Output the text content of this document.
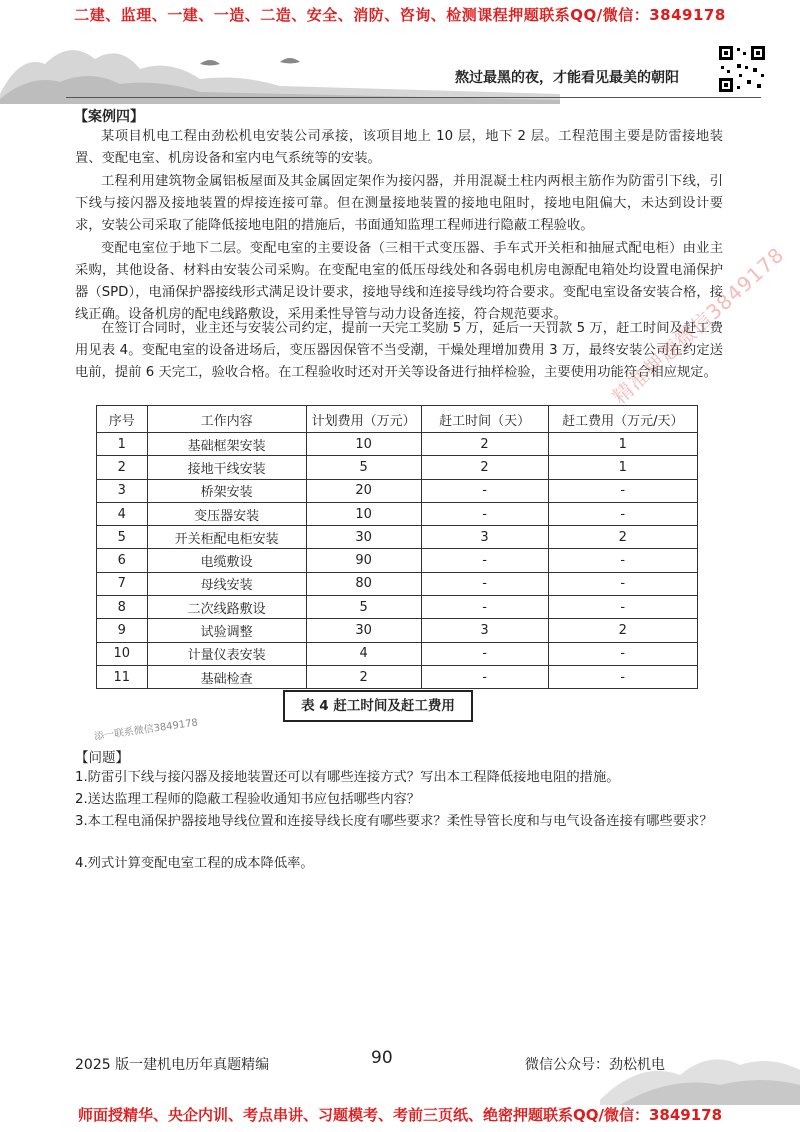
二建、监理、一建、一造、二造、安全、消防、咨询、检测课程押题联系QQ/微信：3849178
熬过最黑的夜，才能看见最美的朝阳
【案例四】

某项目机电工程由劲松机电安装公司承接，该项目地上 10 层，地下 2 层。工程范围主要是防雷接地装置、变配电室、机房设备和室内电气系统等的安装。

工程利用建筑物金属铝板屋面及其金属固定架作为接闪器，并用混凝土柱内两根主筋作为防雷引下线，引下线与接闪器及接地装置的焊接连接可靠。但在测量接地装置的接地电阻时，接地电阻偏大，未达到设计要求，安装公司采取了能降低接地电阻的措施后，书面通知监理工程师进行隐蔽工程验收。

变配电室位于地下二层。变配电室的主要设备（三相干式变压器、手车式开关柜和抽屉式配电柜）由业主采购，其他设备、材料由安装公司采购。在变配电室的低压母线处和各弱电机房电源配电箱处均设置电涌保护器（SPD），电涌保护器接线形式满足设计要求，接地导线和连接导线均符合要求。变配电室设备安装合格，接线正确。设备机房的配电线路敷设，采用柔性导管与动力设备连接，符合规范要求。

在签订合同时，业主还与安装公司约定，提前一天完工奖励 5 万，延后一天罚款 5 万，赶工时间及赶工费用见表 4。变配电室的设备进场后，变压器因保管不当受潮，干燥处理增加费用 3 万，最终安装公司在约定送电前，提前 6 天完工，验收合格。在工程验收时还对开关等设备进行抽样检验，主要使用功能符合相应规定。

精准押题微信3849178
序号	工作内容	计划费用（万元）	赶工时间（天）	赶工费用（万元/天）
1	基础框架安装	10	2	1
2	接地干线安装	5	2	1
3	桥架安装	20	-	-
4	变压器安装	10	-	-
5	开关柜配电柜安装	30	3	2
6	电缆敷设	90	-	-
7	母线安装	80	-	-
8	二次线路敷设	5	-	-
9	试验调整	30	3	2
10	计量仪表安装	4	-	-
11	基础检查	2	-	-
表 4 赶工时间及赶工费用
添一联系微信3849178
【问题】

1.防雷引下线与接闪器及接地装置还可以有哪些连接方式？写出本工程降低接地电阻的措施。

2.送达监理工程师的隐蔽工程验收通知书应包括哪些内容？

3.本工程电涌保护器接地导线位置和连接导线长度有哪些要求？柔性导管长度和与电气设备连接有哪些要求？

4.列式计算变配电室工程的成本降低率。

2025 版一建机电历年真题精编	90	微信公众号：劲松机电
师面授精华、央企内训、考点串讲、习题模考、考前三页纸、绝密押题联系QQ/微信：3849178
